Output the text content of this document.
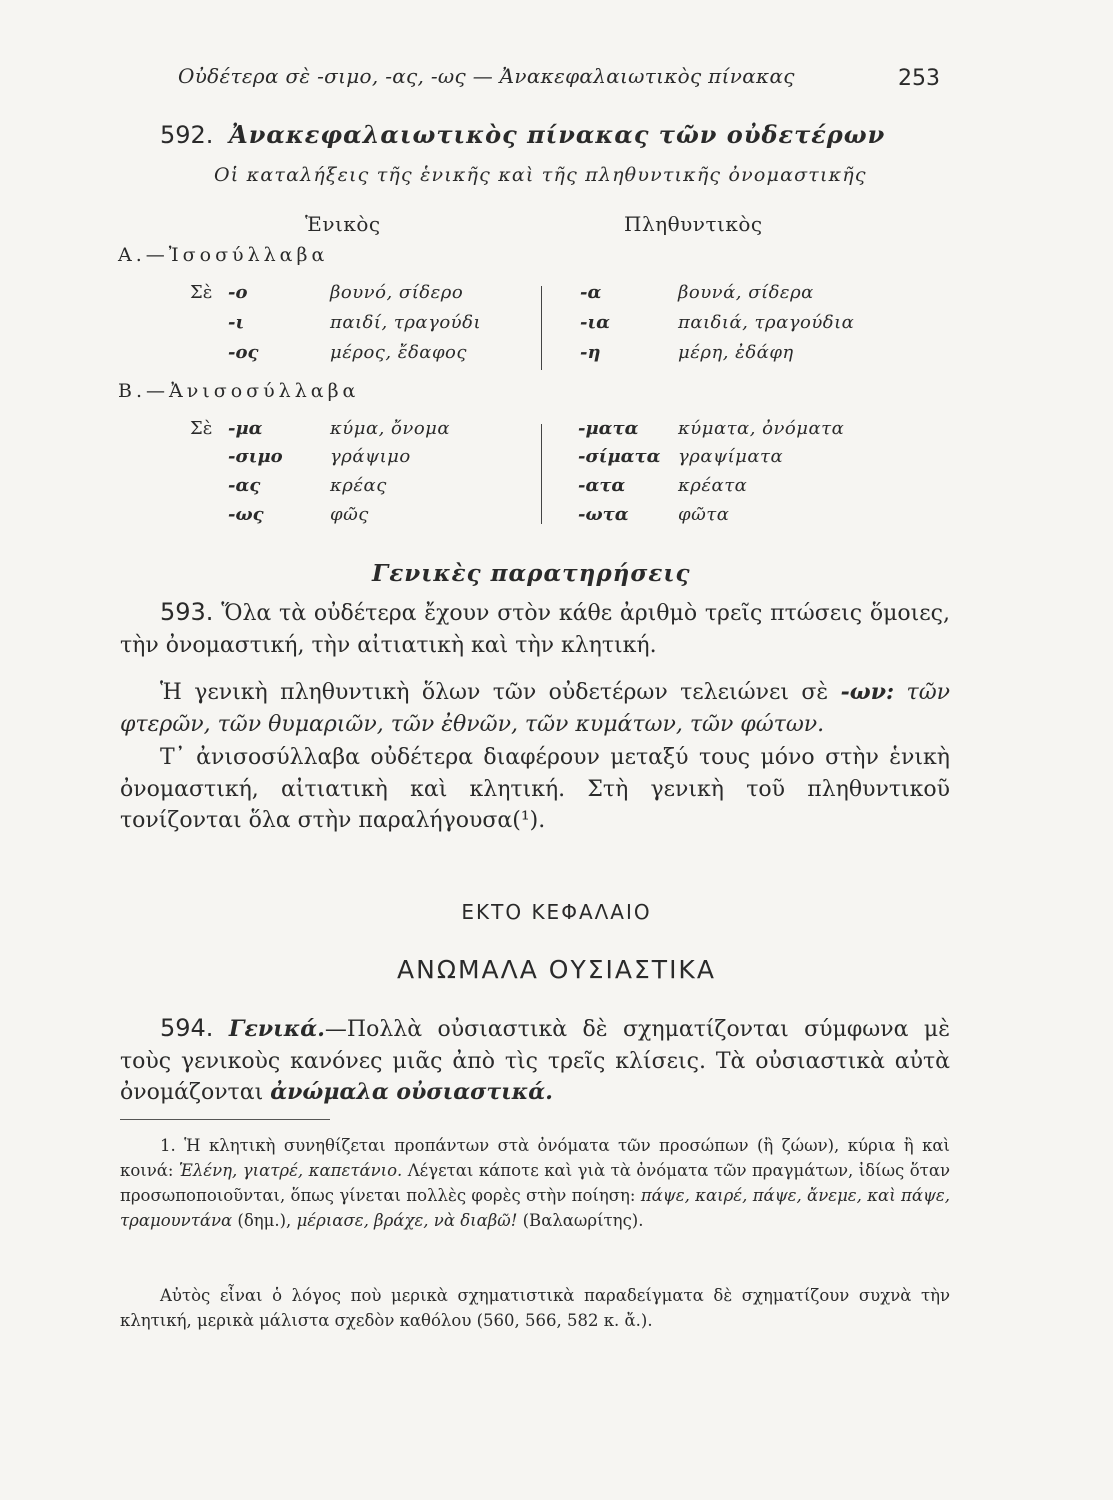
Οὐδέτερα σὲ -σιμο, -ας, -ως — Ἀνακεφαλαιωτικὸς πίνακας	253
592. Ἀνακεφαλαιωτικὸς πίνακας τῶν οὐδετέρων
Οἱ καταλήξεις τῆς ἑνικῆς καὶ τῆς πληθυντικῆς ὀνομαστικῆς
Ἑνικὸς	Πληθυντικὸς
Α.—Ἰσοσύλλαβα
Σὲ -ο	βουνό, σίδερο	-α	βουνά, σίδερα
-ι	παιδί, τραγούδι	-ια	παιδιά, τραγούδια
-ος	μέρος, ἔδαφος	-η	μέρη, ἐδάφη
Β.—Ἀνισοσύλλαβα
Σὲ -μα	κύμα, ὄνομα	-ματα κύματα, ὀνόματα
-σιμο	γράψιμο	-σίματα γραψίματα
-ας	κρέας	-ατα	κρέατα
-ως	φῶς	-ωτα	φῶτα
Γενικὲς παρατηρήσεις

593. Ὅλα τὰ οὐδέτερα ἔχουν στὸν κάθε ἀριθμὸ τρεῖς πτώσεις ὅμοιες, τὴν ὀνομαστική, τὴν αἰτιατικὴ καὶ τὴν κλητική.

Ἡ γενικὴ πληθυντικὴ ὅλων τῶν οὐδετέρων τελειώνει σὲ -ων: τῶν φτερῶν, τῶν θυμαριῶν, τῶν ἐθνῶν, τῶν κυμάτων, τῶν φώτων.

Τ᾿ ἀνισοσύλλαβα οὐδέτερα διαφέρουν μεταξύ τους μόνο στὴν ἑνικὴ ὀνομαστική, αἰτιατικὴ καὶ κλητική. Στὴ γενικὴ τοῦ πληθυντικοῦ τονίζονται ὅλα στὴν παραλήγουσα(¹).

ΕΚΤΟ ΚΕΦΑΛΑΙΟ
ΑΝΩΜΑΛΑ ΟΥΣΙΑΣΤΙΚΑ

594. Γενικά.—Πολλὰ οὐσιαστικὰ δὲ σχηματίζονται σύμφωνα μὲ τοὺς γενικοὺς κανόνες μιᾶς ἀπὸ τὶς τρεῖς κλίσεις. Τὰ οὐσιαστικὰ αὐτὰ ὀνομάζονται ἀνώμαλα οὐσιαστικά.

1. Ἡ κλητικὴ συνηθίζεται προπάντων στὰ ὀνόματα τῶν προσώπων (ἢ ζώων), κύρια ἢ καὶ κοινά: Ἑλένη, γιατρέ, καπετάνιο. Λέγεται κάποτε καὶ γιὰ τὰ ὀνόματα τῶν πραγμάτων, ἰδίως ὅταν προσωποποιοῦνται, ὅπως γίνεται πολλὲς φορὲς στὴν ποίηση: πάψε, καιρέ, πάψε, ἄνεμε, καὶ πάψε, τραμουντάνα (δημ.), μέριασε, βράχε, νὰ διαβῶ! (Βαλαωρίτης).

Αὐτὸς εἶναι ὁ λόγος ποὺ μερικὰ σχηματιστικὰ παραδείγματα δὲ σχηματίζουν συχνὰ τὴν κλητική, μερικὰ μάλιστα σχεδὸν καθόλου (560, 566, 582 κ. ἄ.).
